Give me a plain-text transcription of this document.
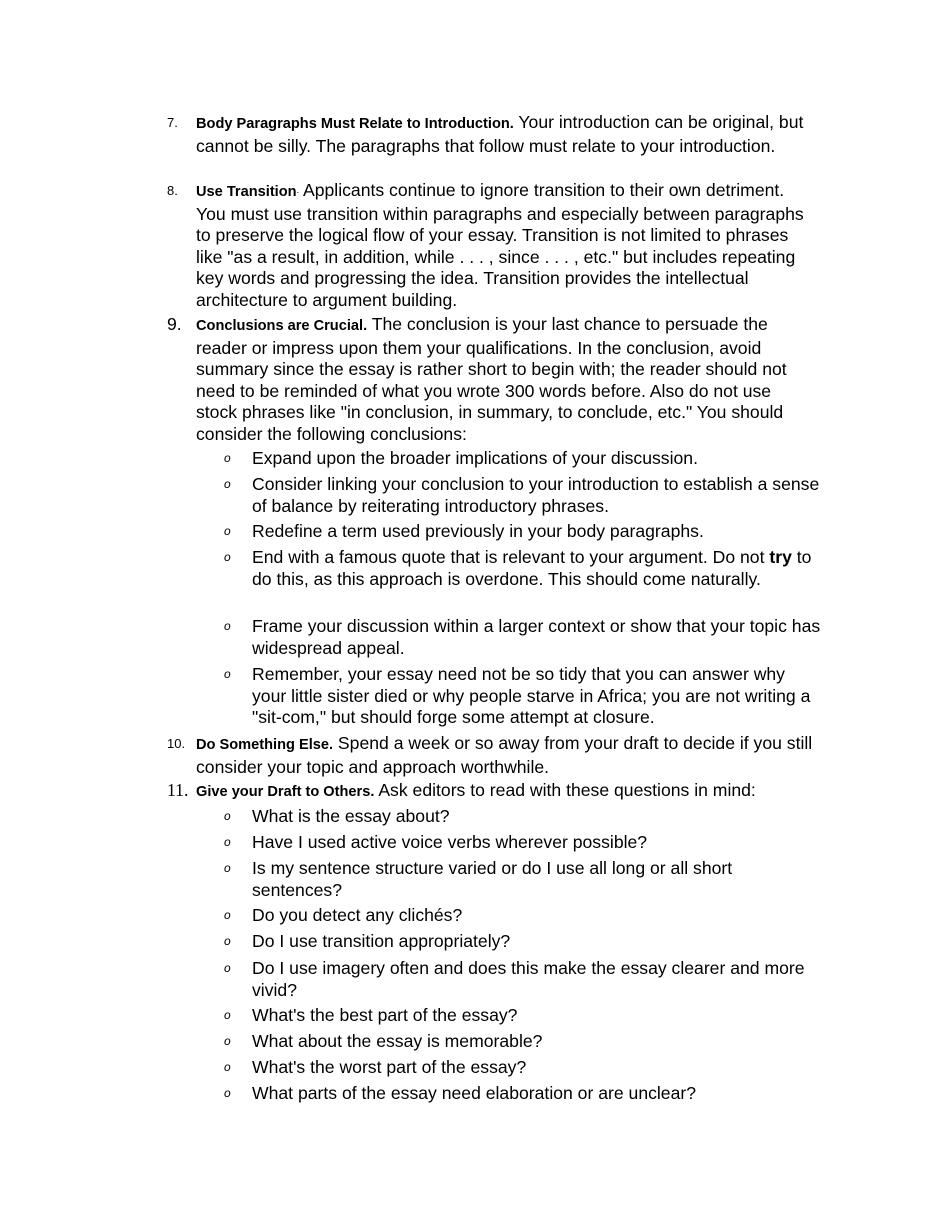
7. Body Paragraphs Must Relate to Introduction. Your introduction can be original, but cannot be silly. The paragraphs that follow must relate to your introduction.
8. Use Transition. Applicants continue to ignore transition to their own detriment. You must use transition within paragraphs and especially between paragraphs to preserve the logical flow of your essay. Transition is not limited to phrases like "as a result, in addition, while . . . , since . . . , etc." but includes repeating key words and progressing the idea. Transition provides the intellectual architecture to argument building.
9. Conclusions are Crucial. The conclusion is your last chance to persuade the reader or impress upon them your qualifications. In the conclusion, avoid summary since the essay is rather short to begin with; the reader should not need to be reminded of what you wrote 300 words before. Also do not use stock phrases like "in conclusion, in summary, to conclude, etc." You should consider the following conclusions:
o Expand upon the broader implications of your discussion.
o Consider linking your conclusion to your introduction to establish a sense of balance by reiterating introductory phrases.
o Redefine a term used previously in your body paragraphs.
o End with a famous quote that is relevant to your argument. Do not try to do this, as this approach is overdone. This should come naturally.
o Frame your discussion within a larger context or show that your topic has widespread appeal.
o Remember, your essay need not be so tidy that you can answer why your little sister died or why people starve in Africa; you are not writing a "sit-com," but should forge some attempt at closure.
10. Do Something Else. Spend a week or so away from your draft to decide if you still consider your topic and approach worthwhile.
11. Give your Draft to Others. Ask editors to read with these questions in mind:
o What is the essay about?
o Have I used active voice verbs wherever possible?
o Is my sentence structure varied or do I use all long or all short sentences?
o Do you detect any clichés?
o Do I use transition appropriately?
o Do I use imagery often and does this make the essay clearer and more vivid?
o What's the best part of the essay?
o What about the essay is memorable?
o What's the worst part of the essay?
o What parts of the essay need elaboration or are unclear?
